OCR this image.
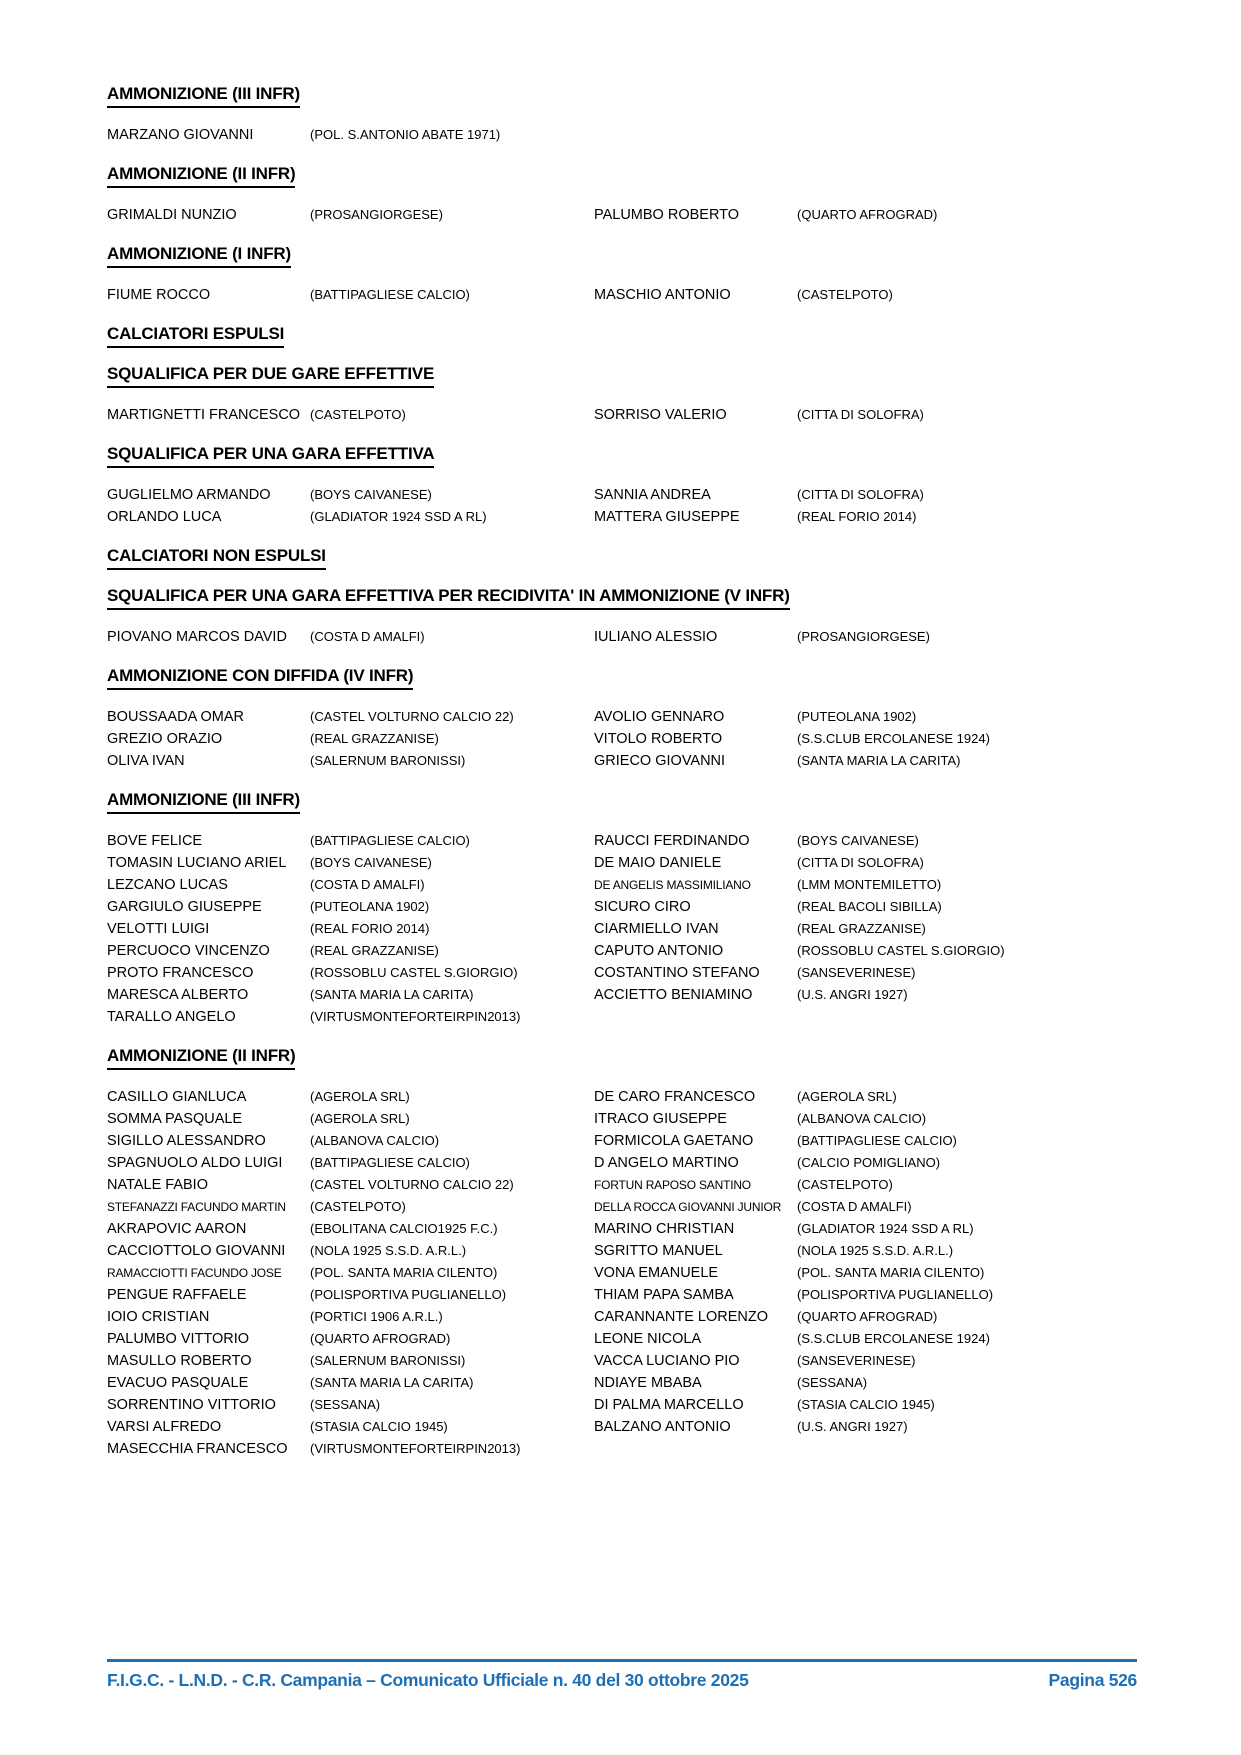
AMMONIZIONE (III INFR)
MARZANO GIOVANNI	(POL. S.ANTONIO ABATE 1971)
AMMONIZIONE (II INFR)
GRIMALDI NUNZIO	(PROSANGIORGESE)	PALUMBO ROBERTO	(QUARTO AFROGRAD)
AMMONIZIONE (I INFR)
FIUME ROCCO	(BATTIPAGLIESE CALCIO)	MASCHIO ANTONIO	(CASTELPOTO)
CALCIATORI ESPULSI
SQUALIFICA PER DUE GARE EFFETTIVE
MARTIGNETTI FRANCESCO (CASTELPOTO)	SORRISO VALERIO	(CITTA DI SOLOFRA)
SQUALIFICA PER UNA GARA EFFETTIVA
GUGLIELMO ARMANDO	(BOYS CAIVANESE)	SANNIA ANDREA	(CITTA DI SOLOFRA)
ORLANDO LUCA	(GLADIATOR 1924 SSD A RL)	MATTERA GIUSEPPE	(REAL FORIO 2014)
CALCIATORI NON ESPULSI
SQUALIFICA PER UNA GARA EFFETTIVA PER RECIDIVITA' IN AMMONIZIONE (V INFR)
PIOVANO MARCOS DAVID	(COSTA D AMALFI)	IULIANO ALESSIO	(PROSANGIORGESE)
AMMONIZIONE CON DIFFIDA (IV INFR)
BOUSSAADA OMAR	(CASTEL VOLTURNO CALCIO 22)	AVOLIO GENNARO	(PUTEOLANA 1902)
GREZIO ORAZIO	(REAL GRAZZANISE)	VITOLO ROBERTO	(S.S.CLUB ERCOLANESE 1924)
OLIVA IVAN	(SALERNUM BARONISSI)	GRIECO GIOVANNI	(SANTA MARIA LA CARITA)
AMMONIZIONE (III INFR)
BOVE FELICE	(BATTIPAGLIESE CALCIO)	RAUCCI FERDINANDO	(BOYS CAIVANESE)
TOMASIN LUCIANO ARIEL	(BOYS CAIVANESE)	DE MAIO DANIELE	(CITTA DI SOLOFRA)
LEZCANO LUCAS	(COSTA D AMALFI)	DE ANGELIS MASSIMILIANO	(LMM MONTEMILETTO)
GARGIULO GIUSEPPE	(PUTEOLANA 1902)	SICURO CIRO	(REAL BACOLI SIBILLA)
VELOTTI LUIGI	(REAL FORIO 2014)	CIARMIELLO IVAN	(REAL GRAZZANISE)
PERCUOCO VINCENZO	(REAL GRAZZANISE)	CAPUTO ANTONIO	(ROSSOBLU CASTEL S.GIORGIO)
PROTO FRANCESCO	(ROSSOBLU CASTEL S.GIORGIO)	COSTANTINO STEFANO	(SANSEVERINESE)
MARESCA ALBERTO	(SANTA MARIA LA CARITA)	ACCIETTO BENIAMINO	(U.S. ANGRI 1927)
TARALLO ANGELO	(VIRTUSMONTEFORTEIRPIN2013)
AMMONIZIONE (II INFR)
CASILLO GIANLUCA	(AGEROLA SRL)	DE CARO FRANCESCO	(AGEROLA SRL)
SOMMA PASQUALE	(AGEROLA SRL)	ITRACO GIUSEPPE	(ALBANOVA CALCIO)
SIGILLO ALESSANDRO	(ALBANOVA CALCIO)	FORMICOLA GAETANO	(BATTIPAGLIESE CALCIO)
SPAGNUOLO ALDO LUIGI	(BATTIPAGLIESE CALCIO)	D ANGELO MARTINO	(CALCIO POMIGLIANO)
NATALE FABIO	(CASTEL VOLTURNO CALCIO 22)	FORTUN RAPOSO SANTINO	(CASTELPOTO)
STEFANAZZI FACUNDO MARTIN	(CASTELPOTO)	DELLA ROCCA GIOVANNI JUNIOR	(COSTA D AMALFI)
AKRAPOVIC AARON	(EBOLITANA CALCIO1925 F.C.)	MARINO CHRISTIAN	(GLADIATOR 1924 SSD A RL)
CACCIOTTOLO GIOVANNI	(NOLA 1925 S.S.D. A.R.L.)	SGRITTO MANUEL	(NOLA 1925 S.S.D. A.R.L.)
RAMACCIOTTI FACUNDO JOSE	(POL. SANTA MARIA CILENTO)	VONA EMANUELE	(POL. SANTA MARIA CILENTO)
PENGUE RAFFAELE	(POLISPORTIVA PUGLIANELLO)	THIAM PAPA SAMBA	(POLISPORTIVA PUGLIANELLO)
IOIO CRISTIAN	(PORTICI 1906 A.R.L.)	CARANNANTE LORENZO	(QUARTO AFROGRAD)
PALUMBO VITTORIO	(QUARTO AFROGRAD)	LEONE NICOLA	(S.S.CLUB ERCOLANESE 1924)
MASULLO ROBERTO	(SALERNUM BARONISSI)	VACCA LUCIANO PIO	(SANSEVERINESE)
EVACUO PASQUALE	(SANTA MARIA LA CARITA)	NDIAYE MBABA	(SESSANA)
SORRENTINO VITTORIO	(SESSANA)	DI PALMA MARCELLO	(STASIA CALCIO 1945)
VARSI ALFREDO	(STASIA CALCIO 1945)	BALZANO ANTONIO	(U.S. ANGRI 1927)
MASECCHIA FRANCESCO	(VIRTUSMONTEFORTEIRPIN2013)
F.I.G.C. - L.N.D. - C.R. Campania – Comunicato Ufficiale n. 40 del 30 ottobre 2025	Pagina 526
